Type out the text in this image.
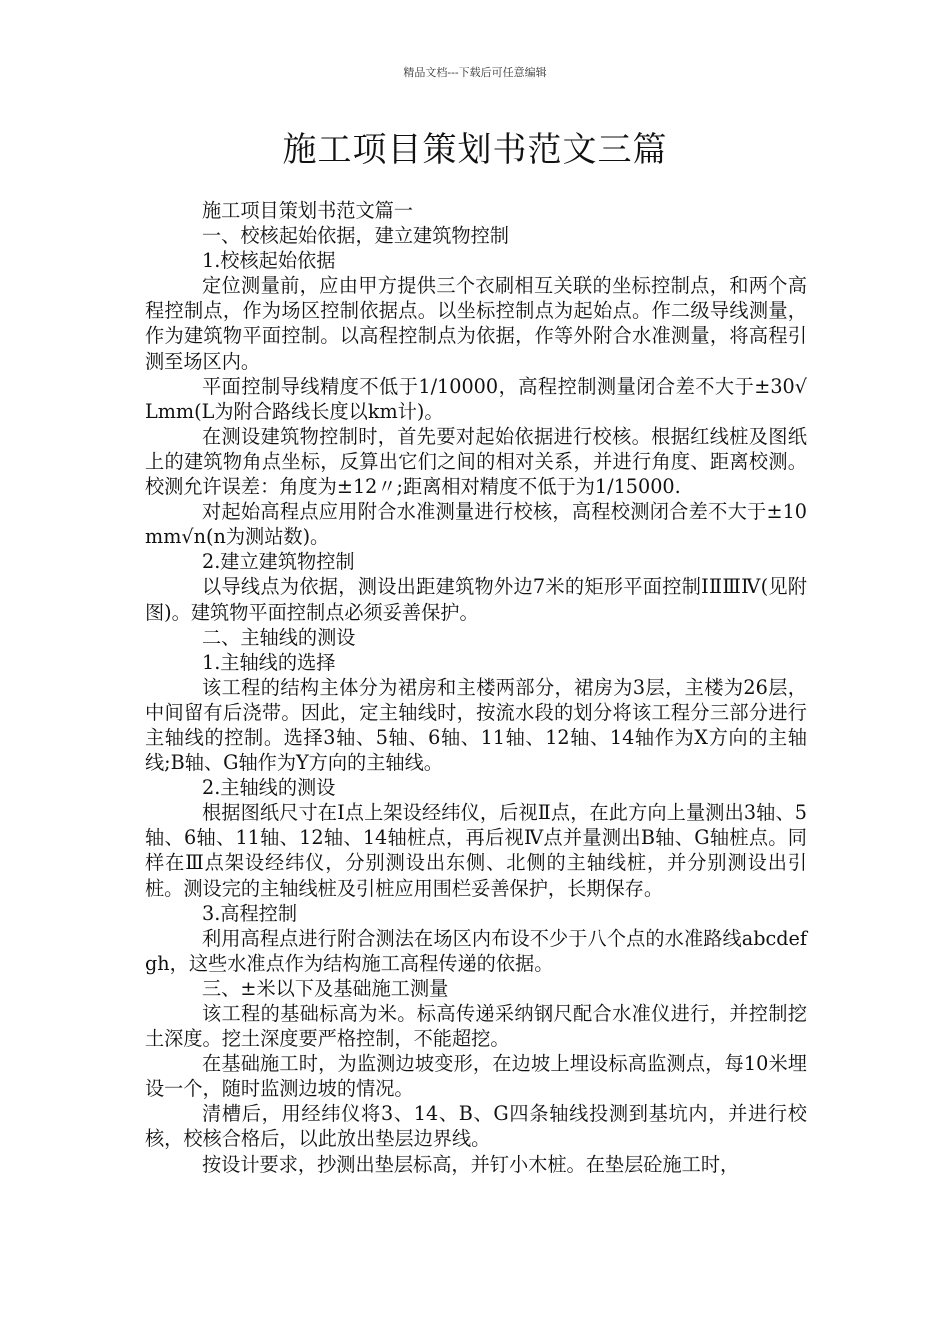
精品文档---下载后可任意编辑
施工项目策划书范文三篇

施工项目策划书范文篇一

一、校核起始依据，建立建筑物控制

1.校核起始依据

定位测量前，应由甲方提供三个衣刷相互关联的坐标控制点，和两个高程控制点，作为场区控制依据点。以坐标控制点为起始点。作二级导线测量，作为建筑物平面控制。以高程控制点为依据，作等外附合水准测量，将高程引测至场区内。

平面控制导线精度不低于1/10000，高程控制测量闭合差不大于±30√Lmm(L为附合路线长度以km计)。

在测设建筑物控制时，首先要对起始依据进行校核。根据红线桩及图纸上的建筑物角点坐标，反算出它们之间的相对关系，并进行角度、距离校测。校测允许误差：角度为±12〃;距离相对精度不低于为1/15000.

对起始高程点应用附合水准测量进行校核，高程校测闭合差不大于±10mm√n(n为测站数)。

2.建立建筑物控制

以导线点为依据，测设出距建筑物外边7米的矩形平面控制ⅠⅡⅢⅣ(见附图)。建筑物平面控制点必须妥善保护。

二、主轴线的测设

1.主轴线的选择

该工程的结构主体分为裙房和主楼两部分，裙房为3层，主楼为26层，中间留有后浇带。因此，定主轴线时，按流水段的划分将该工程分三部分进行主轴线的控制。选择3轴、5轴、6轴、11轴、12轴、14轴作为X方向的主轴线;B轴、G轴作为Y方向的主轴线。

2.主轴线的测设

根据图纸尺寸在Ⅰ点上架设经纬仪，后视Ⅱ点，在此方向上量测出3轴、5轴、6轴、11轴、12轴、14轴桩点，再后视Ⅳ点并量测出B轴、G轴桩点。同样在Ⅲ点架设经纬仪，分别测设出东侧、北侧的主轴线桩，并分别测设出引桩。测设完的主轴线桩及引桩应用围栏妥善保护，长期保存。

3.高程控制

利用高程点进行附合测法在场区内布设不少于八个点的水准路线abcdefgh，这些水准点作为结构施工高程传递的依据。

三、±米以下及基础施工测量

该工程的基础标高为米。标高传递采纳钢尺配合水准仪进行，并控制挖土深度。挖土深度要严格控制，不能超挖。

在基础施工时，为监测边坡变形，在边坡上埋设标高监测点，每10米埋设一个，随时监测边坡的情况。

清槽后，用经纬仪将3、14、B、G四条轴线投测到基坑内，并进行校核，校核合格后，以此放出垫层边界线。

按设计要求，抄测出垫层标高，并钉小木桩。在垫层砼施工时，
